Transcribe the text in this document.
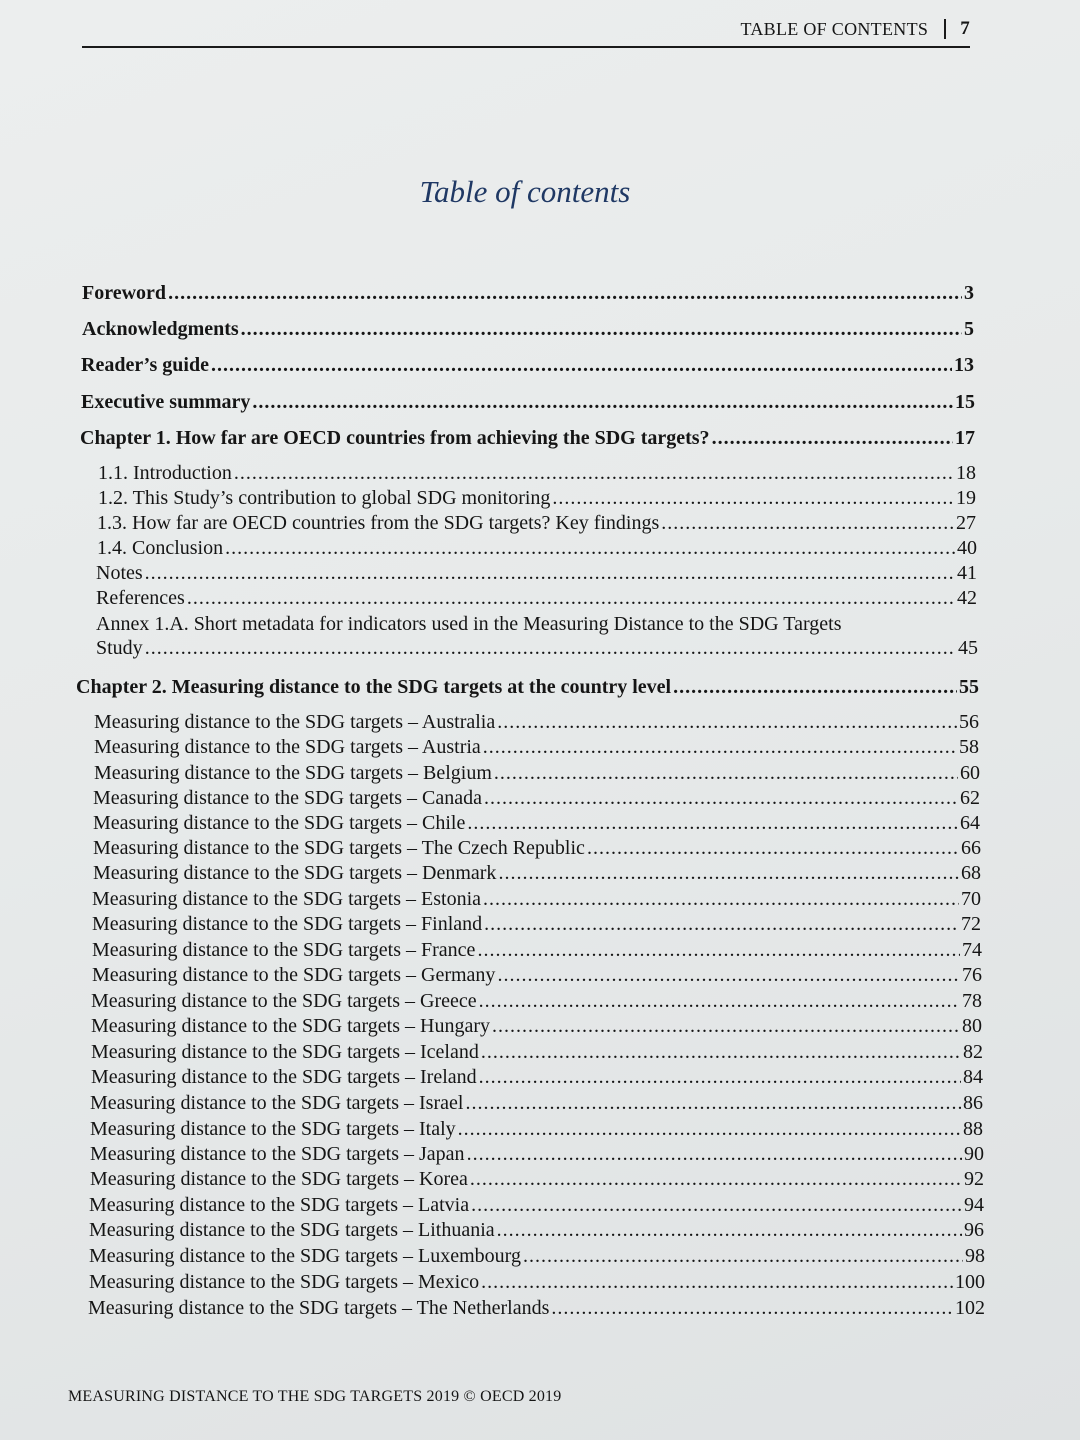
TABLE OF CONTENTS 7
Table of contents
Foreword .....	3
Acknowledgments .....	5
Reader’s guide .....	13
Executive summary .....	15
Chapter 1. How far are OECD countries from achieving the SDG targets? .....	17
1.1. Introduction .....	18
1.2. This Study’s contribution to global SDG monitoring .....	19
1.3. How far are OECD countries from the SDG targets? Key findings .....	27
1.4. Conclusion .....	40
Notes .....	41
References .....	42
Annex 1.A. Short metadata for indicators used in the Measuring Distance to the SDG Targets
Study .....	45
Chapter 2. Measuring distance to the SDG targets at the country level .....	55
Measuring distance to the SDG targets – Australia .....	56
Measuring distance to the SDG targets – Austria .....	58
Measuring distance to the SDG targets – Belgium .....	60
Measuring distance to the SDG targets – Canada .....	62
Measuring distance to the SDG targets – Chile .....	64
Measuring distance to the SDG targets – The Czech Republic .....	66
Measuring distance to the SDG targets – Denmark .....	68
Measuring distance to the SDG targets – Estonia .....	70
Measuring distance to the SDG targets – Finland .....	72
Measuring distance to the SDG targets – France .....	74
Measuring distance to the SDG targets – Germany .....	76
Measuring distance to the SDG targets – Greece .....	78
Measuring distance to the SDG targets – Hungary .....	80
Measuring distance to the SDG targets – Iceland .....	82
Measuring distance to the SDG targets – Ireland .....	84
Measuring distance to the SDG targets – Israel .....	86
Measuring distance to the SDG targets – Italy .....	88
Measuring distance to the SDG targets – Japan .....	90
Measuring distance to the SDG targets – Korea .....	92
Measuring distance to the SDG targets – Latvia .....	94
Measuring distance to the SDG targets – Lithuania .....	96
Measuring distance to the SDG targets – Luxembourg .....	98
Measuring distance to the SDG targets – Mexico .....	100
Measuring distance to the SDG targets – The Netherlands .....	102
MEASURING DISTANCE TO THE SDG TARGETS 2019 © OECD 2019
